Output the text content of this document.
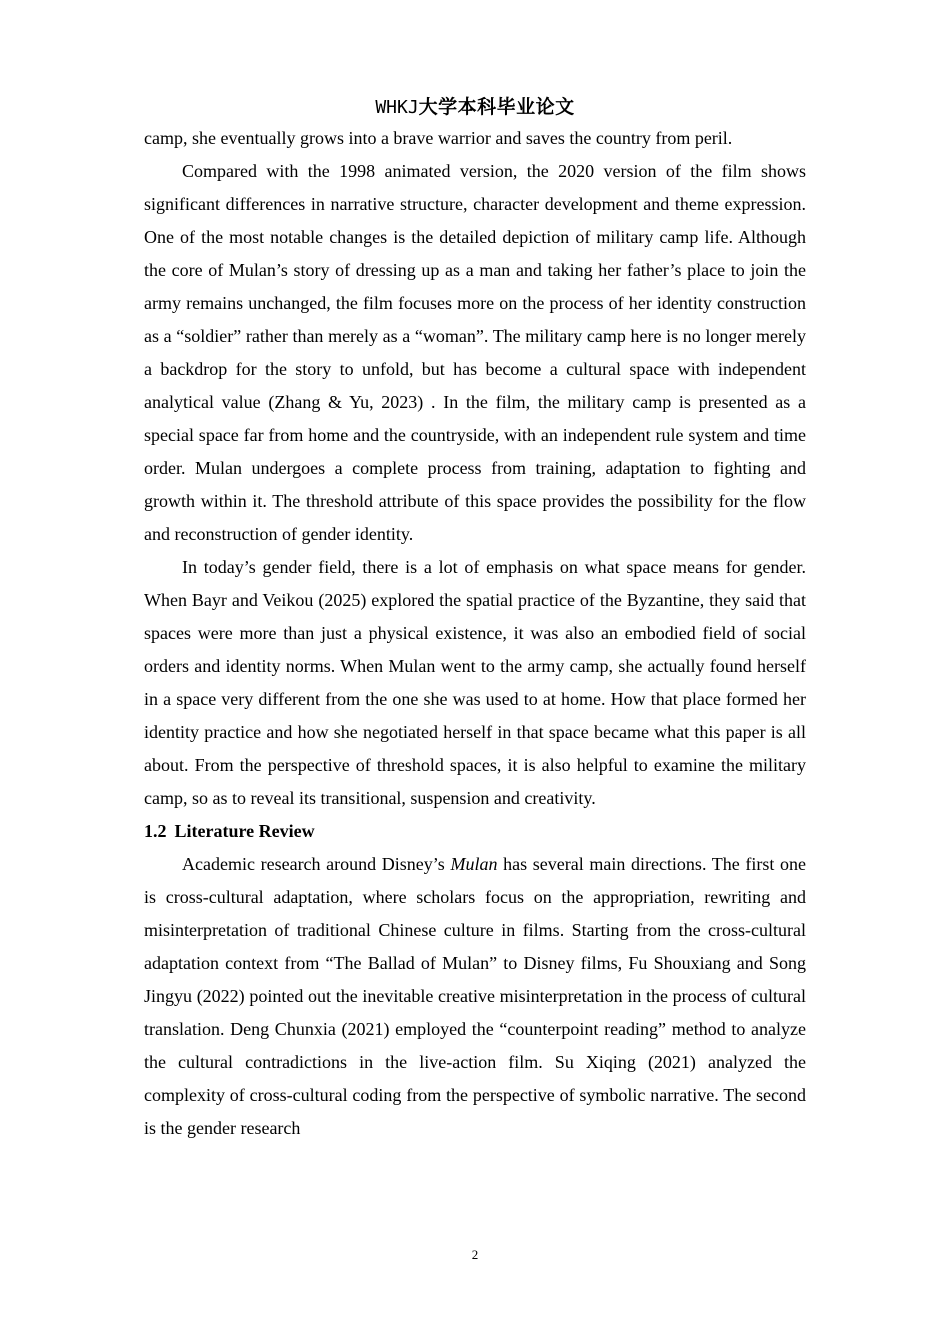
WHKJ大学本科毕业论文

camp, she eventually grows into a brave warrior and saves the country from peril.

Compared with the 1998 animated version, the 2020 version of the film shows significant differences in narrative structure, character development and theme expression. One of the most notable changes is the detailed depiction of military camp life. Although the core of Mulan’s story of dressing up as a man and taking her father’s place to join the army remains unchanged, the film focuses more on the process of her identity construction as a “soldier” rather than merely as a “woman”. The military camp here is no longer merely a backdrop for the story to unfold, but has become a cultural space with independent analytical value (Zhang & Yu, 2023) . In the film, the military camp is presented as a special space far from home and the countryside, with an independent rule system and time order. Mulan undergoes a complete process from training, adaptation to fighting and growth within it. The threshold attribute of this space provides the possibility for the flow and reconstruction of gender identity.

In today’s gender field, there is a lot of emphasis on what space means for gender. When Bayr and Veikou (2025) explored the spatial practice of the Byzantine, they said that spaces were more than just a physical existence, it was also an embodied field of social orders and identity norms. When Mulan went to the army camp, she actually found herself in a space very different from the one she was used to at home. How that place formed her identity practice and how she negotiated herself in that space became what this paper is all about. From the perspective of threshold spaces, it is also helpful to examine the military camp, so as to reveal its transitional, suspension and creativity.

1.2 Literature Review

Academic research around Disney’s Mulan has several main directions. The first one is cross-cultural adaptation, where scholars focus on the appropriation, rewriting and misinterpretation of traditional Chinese culture in films. Starting from the cross-cultural adaptation context from “The Ballad of Mulan” to Disney films, Fu Shouxiang and Song Jingyu (2022) pointed out the inevitable creative misinterpretation in the process of cultural translation. Deng Chunxia (2021) employed the “counterpoint reading” method to analyze the cultural contradictions in the live-action film. Su Xiqing (2021) analyzed the complexity of cross-cultural coding from the perspective of symbolic narrative. The second is the gender research

2
